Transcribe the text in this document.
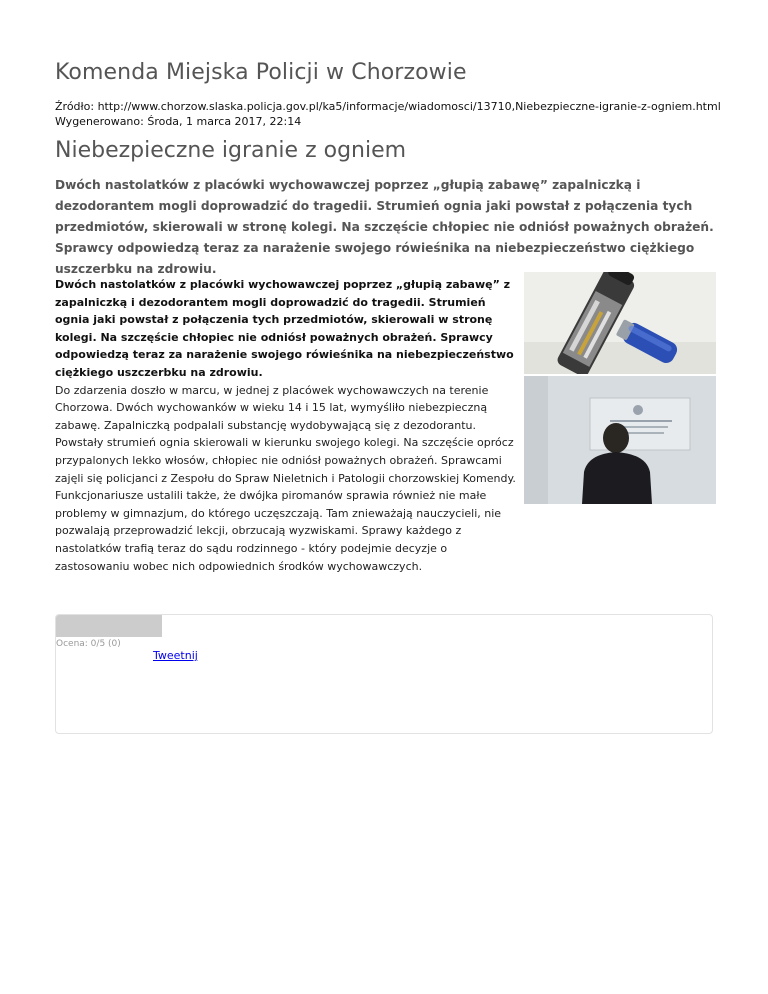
Komenda Miejska Policji w Chorzowie
Źródło: http://www.chorzow.slaska.policja.gov.pl/ka5/informacje/wiadomosci/13710,Niebezpieczne-igranie-z-ogniem.html
Wygenerowano: Środa, 1 marca 2017, 22:14
Niebezpieczne igranie z ogniem

Dwóch nastolatków z placówki wychowawczej poprzez „głupią zabawę” zapalniczką i dezodorantem mogli doprowadzić do tragedii. Strumień ognia jaki powstał z połączenia tych przedmiotów, skierowali w stronę kolegi. Na szczęście chłopiec nie odniósł poważnych obrażeń. Sprawcy odpowiedzą teraz za narażenie swojego rówieśnika na niebezpieczeństwo ciężkiego uszczerbku na zdrowiu.

Dwóch nastolatków z placówki wychowawczej poprzez „głupią zabawę” z zapalniczką i dezodorantem mogli doprowadzić do tragedii. Strumień ognia jaki powstał z połączenia tych przedmiotów, skierowali w stronę kolegi. Na szczęście chłopiec nie odniósł poważnych obrażeń. Sprawcy odpowiedzą teraz za narażenie swojego rówieśnika na niebezpieczeństwo ciężkiego uszczerbku na zdrowiu.
Do zdarzenia doszło w marcu, w jednej z placówek wychowawczych na terenie Chorzowa. Dwóch wychowanków w wieku 14 i 15 lat, wymyśliło niebezpieczną zabawę. Zapalniczką podpalali substancję wydobywającą się z dezodorantu. Powstały strumień ognia skierowali w kierunku swojego kolegi. Na szczęście oprócz przypalonych lekko włosów, chłopiec nie odniósł poważnych obrażeń. Sprawcami zajęli się policjanci z Zespołu do Spraw Nieletnich i Patologii chorzowskiej Komendy. Funkcjonariusze ustalili także, że dwójka piromanów sprawia również nie małe problemy w gimnazjum, do którego uczęszczają. Tam znieważają nauczycieli, nie pozwalają przeprowadzić lekcji, obrzucają wyzwiskami. Sprawy każdego z nastolatków trafią teraz do sądu rodzinnego - który podejmie decyzje o zastosowaniu wobec nich odpowiednich środków wychowawczych.

Ocena: 0/5 (0)
Tweetnij
